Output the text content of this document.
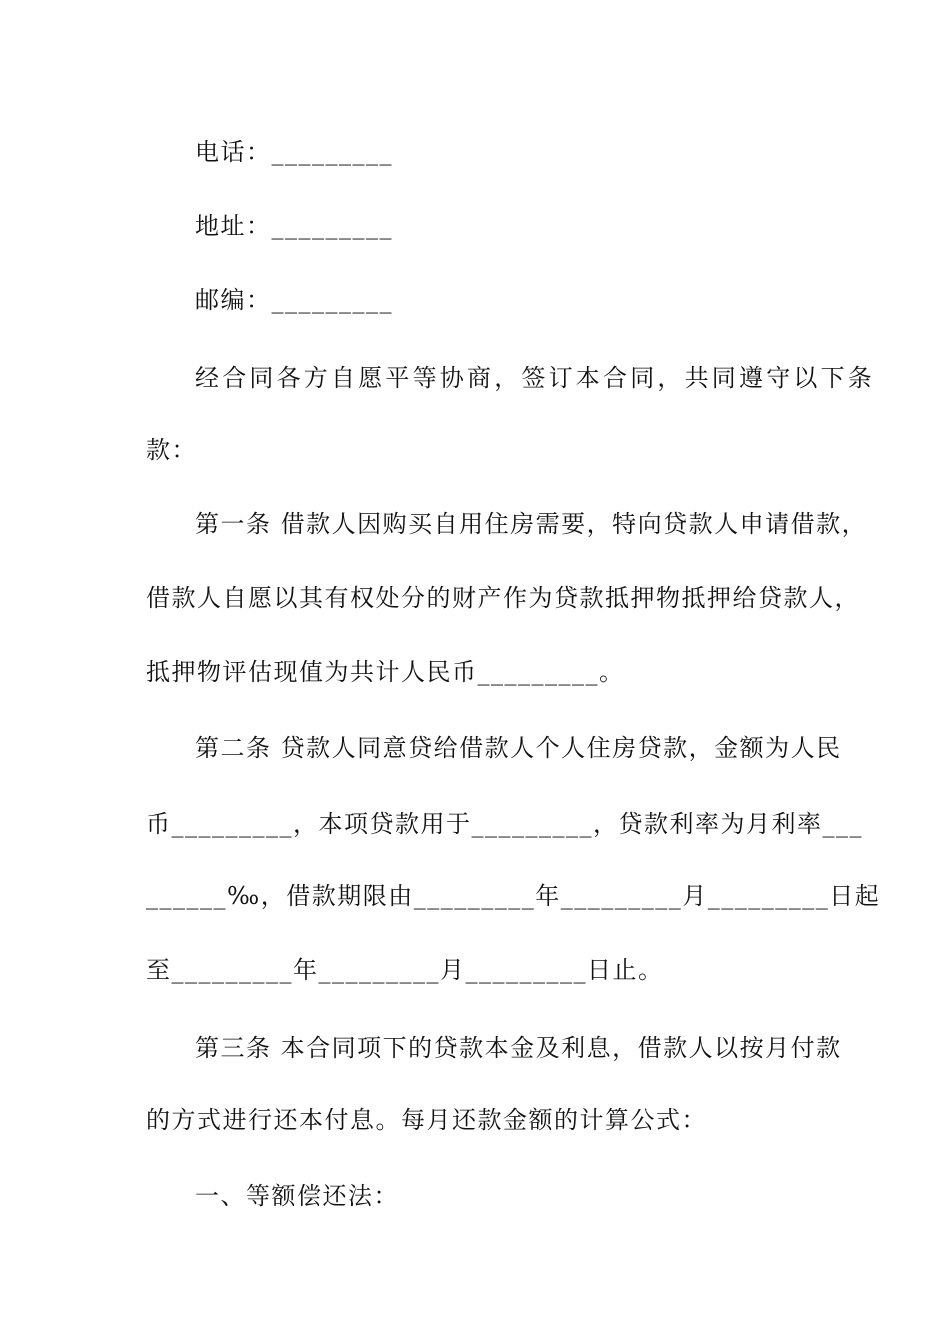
电话：_________
地址：_________
邮编：_________
经合同各方自愿平等协商，签订本合同，共同遵守以下条
款：
第一条 借款人因购买自用住房需要，特向贷款人申请借款，
借款人自愿以其有权处分的财产作为贷款抵押物抵押给贷款人，
抵押物评估现值为共计人民币_________。
第二条 贷款人同意贷给借款人个人住房贷款，金额为人民
币_________，本项贷款用于_________，贷款利率为月利率___
______‰，借款期限由_________年_________月_________日起
至_________年_________月_________日止。
第三条 本合同项下的贷款本金及利息，借款人以按月付款
的方式进行还本付息。每月还款金额的计算公式：
一、等额偿还法：
